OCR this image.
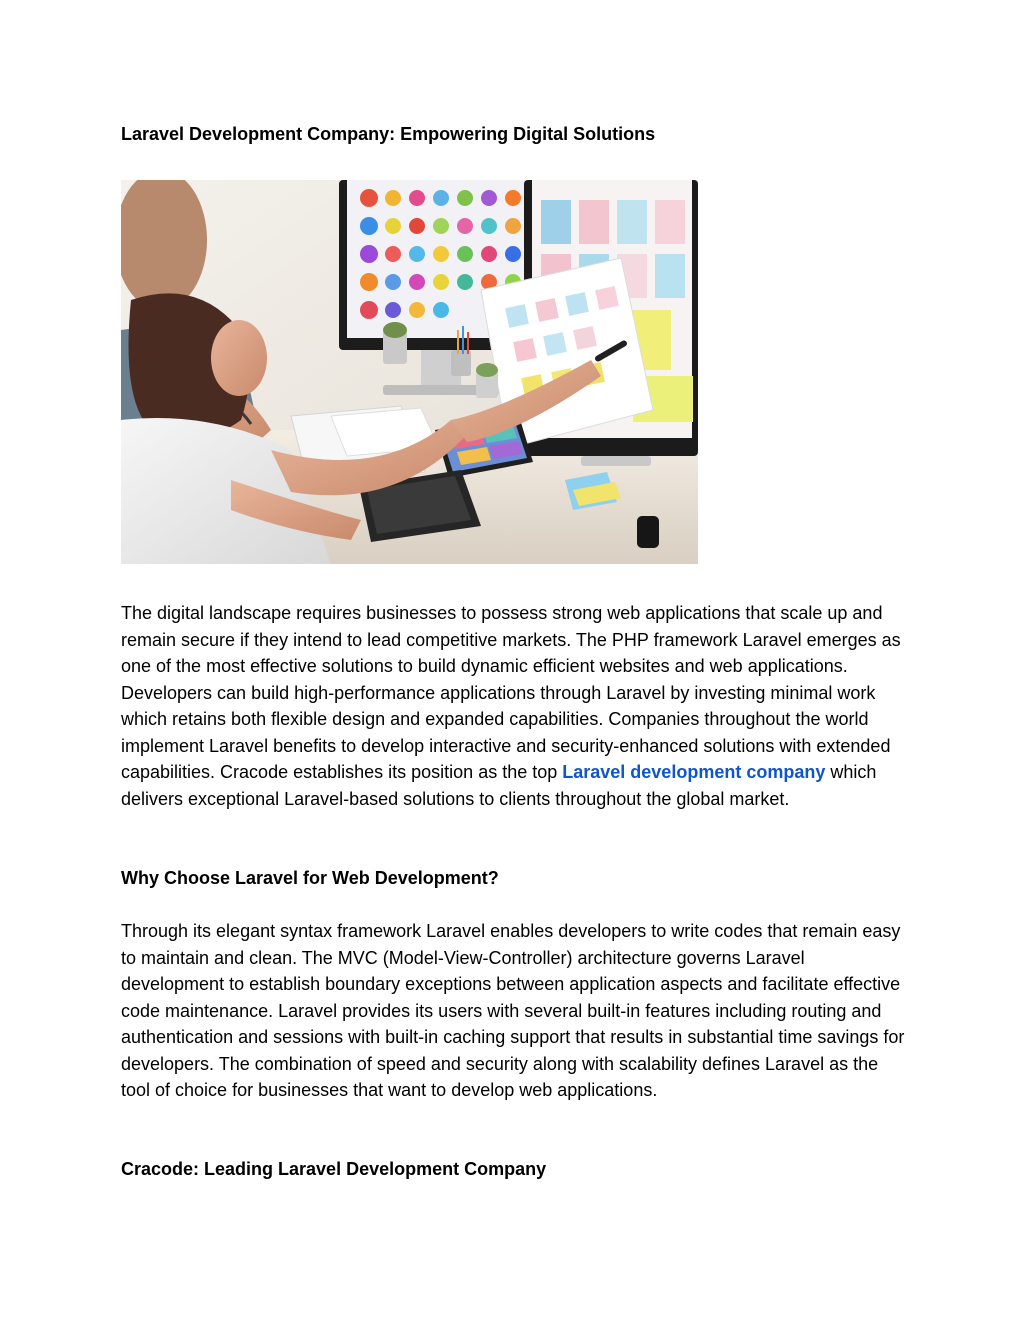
Laravel Development Company: Empowering Digital Solutions

The digital landscape requires businesses to possess strong web applications that scale up and remain secure if they intend to lead competitive markets. The PHP framework Laravel emerges as one of the most effective solutions to build dynamic efficient websites and web applications. Developers can build high-performance applications through Laravel by investing minimal work which retains both flexible design and expanded capabilities. Companies throughout the world implement Laravel benefits to develop interactive and security-enhanced solutions with extended capabilities. Cracode establishes its position as the top Laravel development company which delivers exceptional Laravel-based solutions to clients throughout the global market.

Why Choose Laravel for Web Development?

Through its elegant syntax framework Laravel enables developers to write codes that remain easy to maintain and clean. The MVC (Model-View-Controller) architecture governs Laravel development to establish boundary exceptions between application aspects and facilitate effective code maintenance. Laravel provides its users with several built-in features including routing and authentication and sessions with built-in caching support that results in substantial time savings for developers. The combination of speed and security along with scalability defines Laravel as the tool of choice for businesses that want to develop web applications.

Cracode: Leading Laravel Development Company
